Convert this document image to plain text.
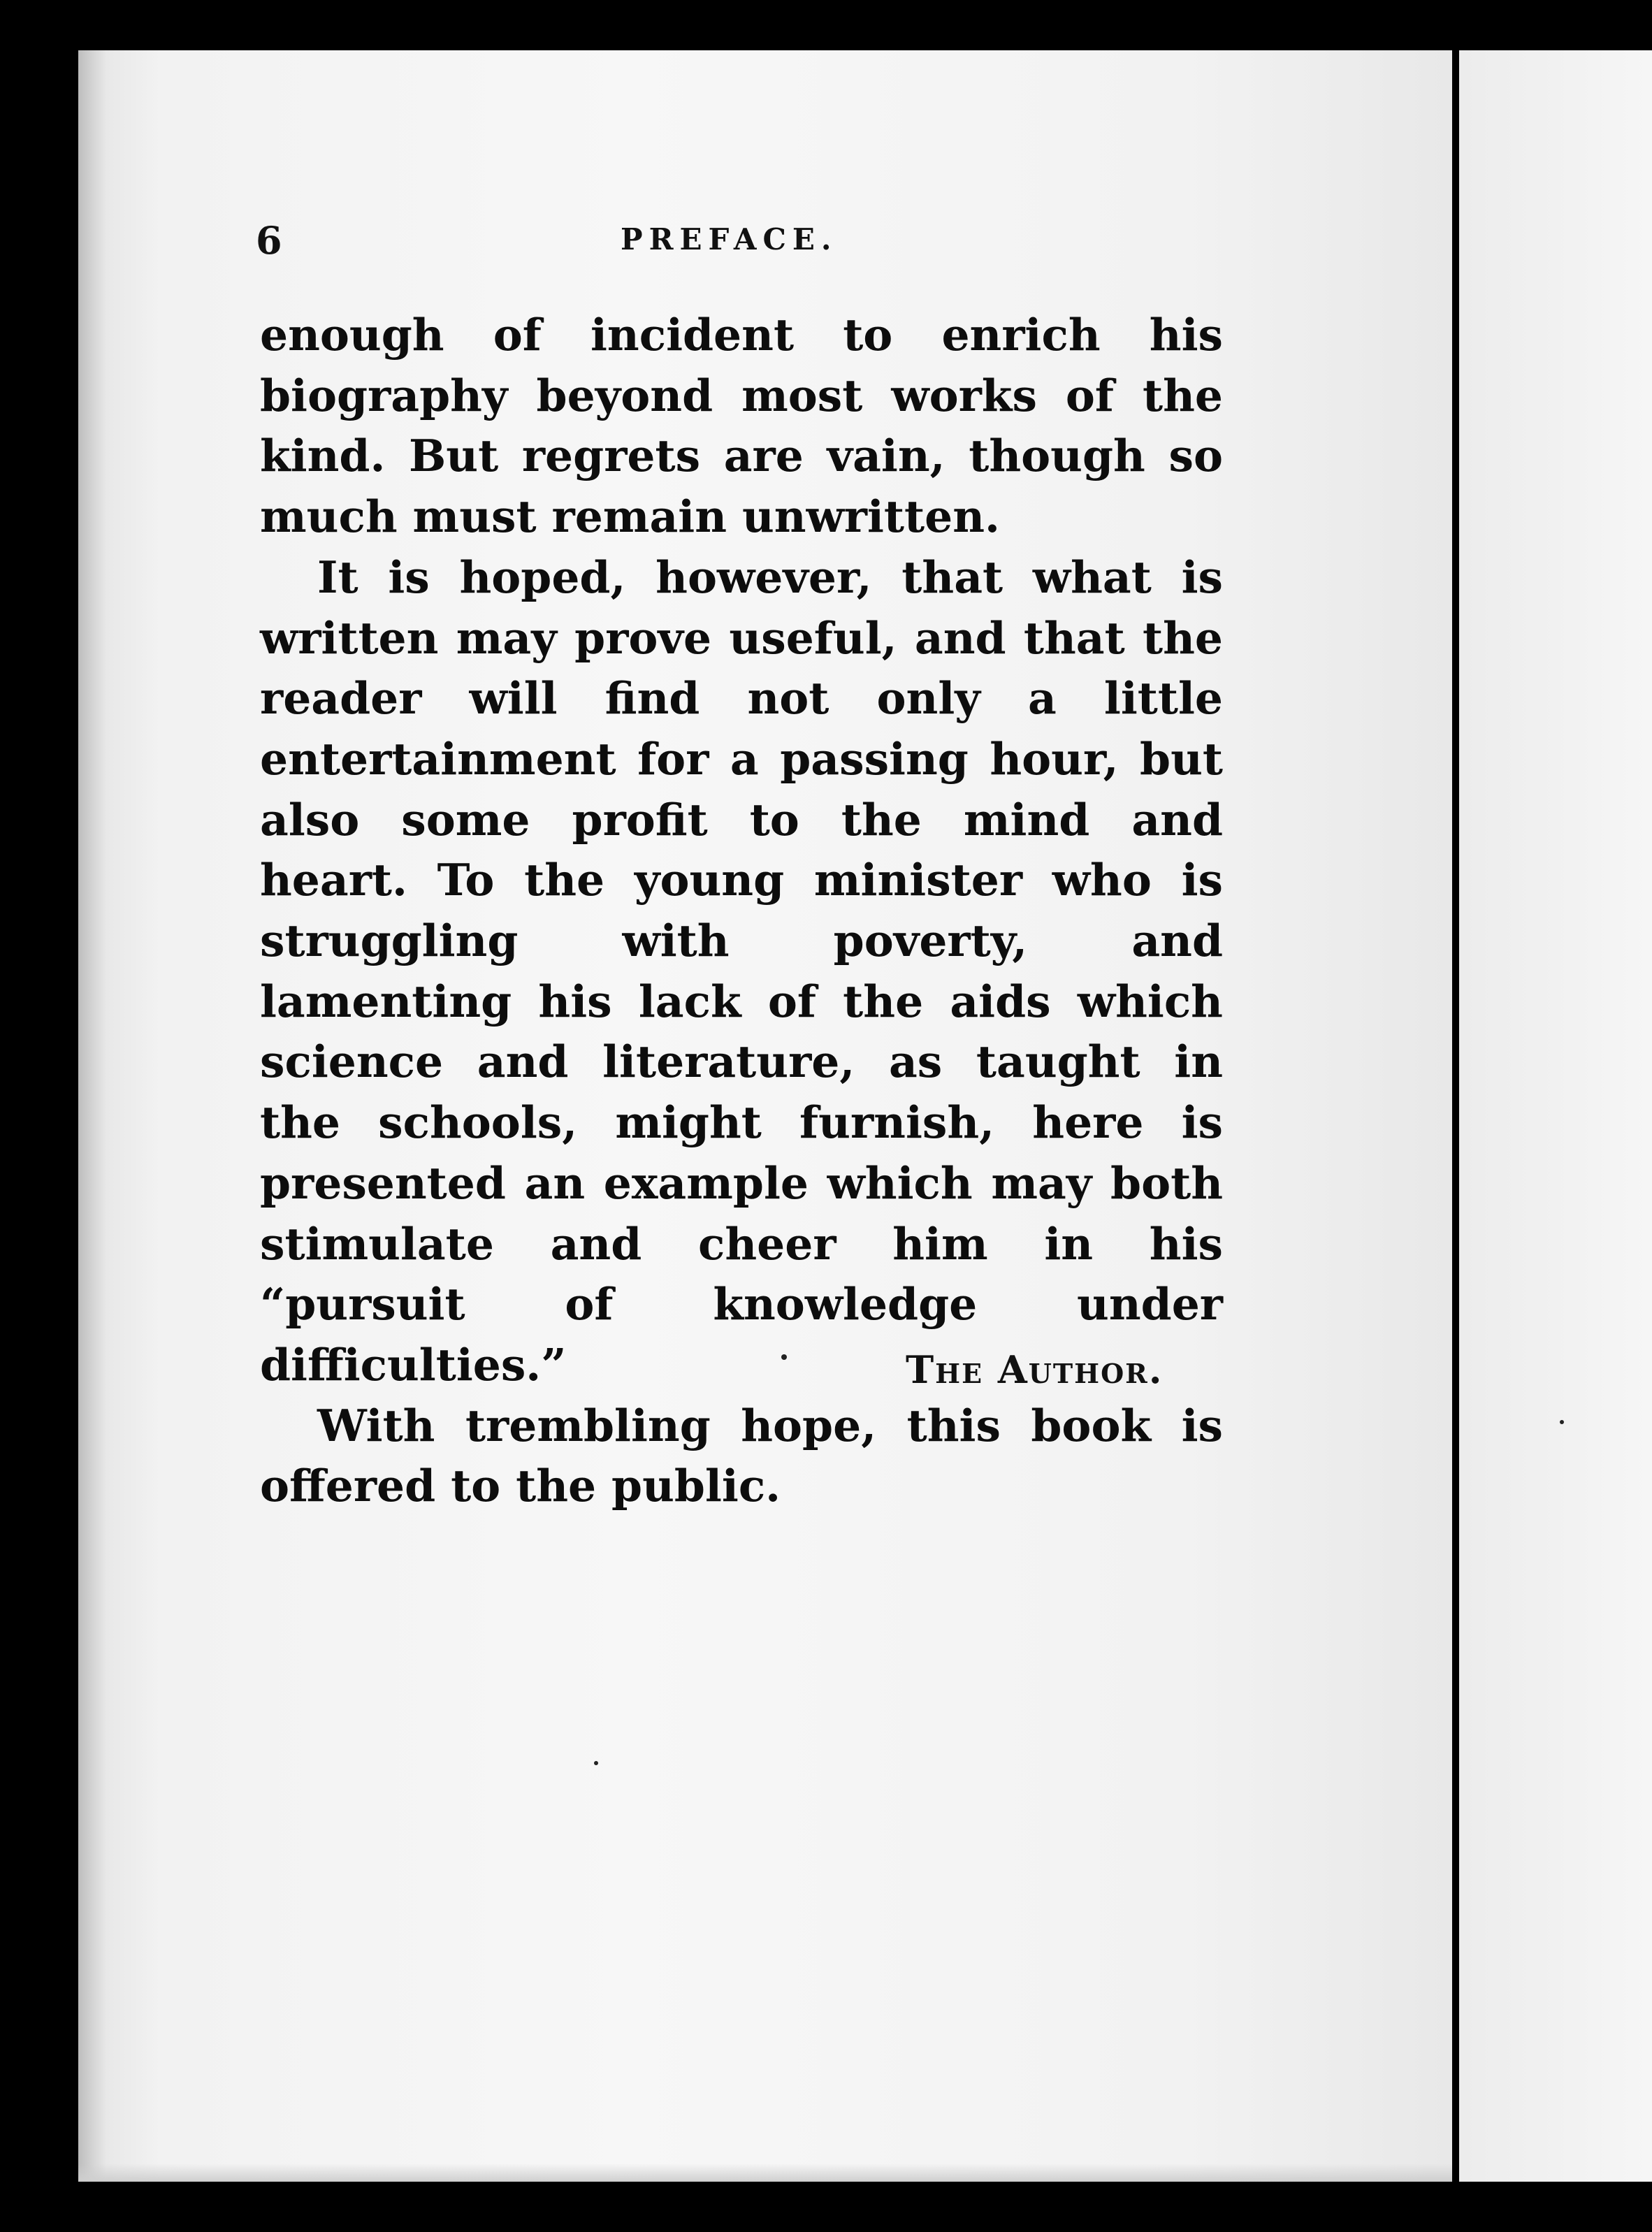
6	PREFACE.

enough of incident to enrich his biography beyond most works of the kind. But regrets are vain, though so much must remain unwritten.

It is hoped, however, that what is written may prove useful, and that the reader will find not only a little entertainment for a passing hour, but also some profit to the mind and heart. To the young minister who is struggling with poverty, and lamenting his lack of the aids which science and literature, as taught in the schools, might furnish, here is presented an example which may both stimulate and cheer him in his “pursuit of knowledge under difficulties.”

With trembling hope, this book is offered to the public.

The Author.
